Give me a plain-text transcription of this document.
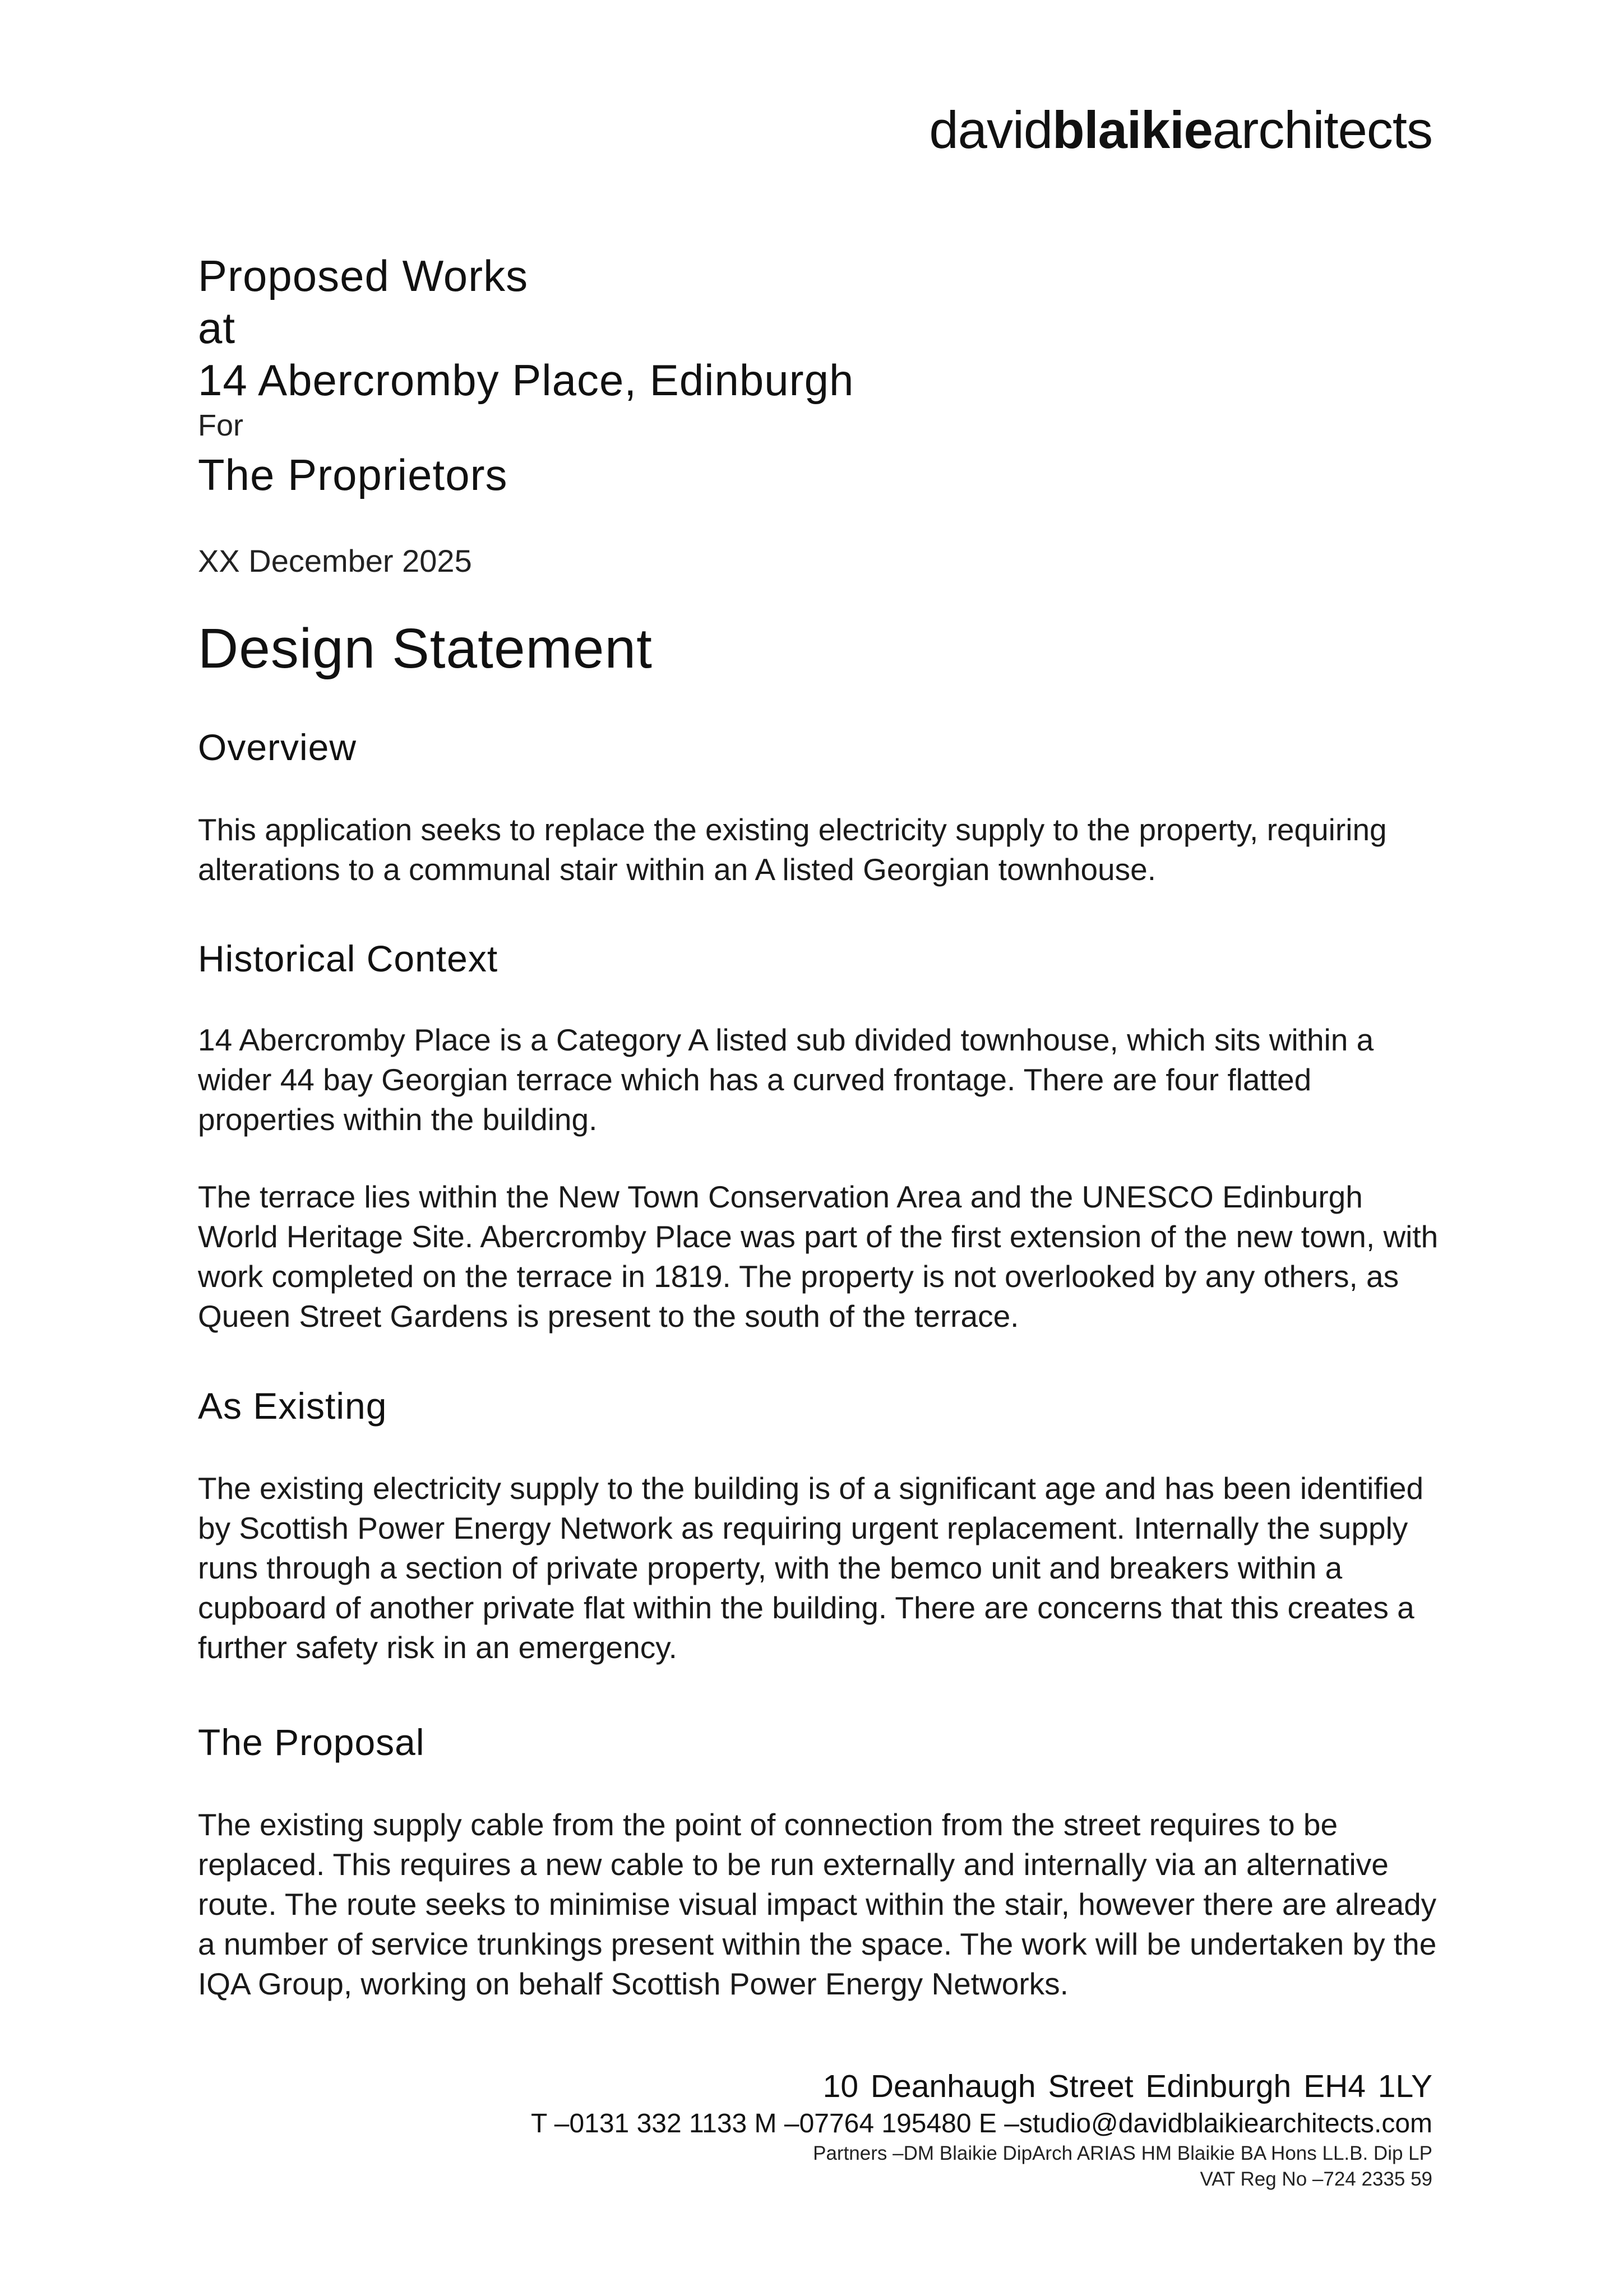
davidblaikiearchitects
Proposed Works
at
14 Abercromby Place, Edinburgh
For
The Proprietors
XX December 2025
Design Statement
Overview

This application seeks to replace the existing electricity supply to the property, requiring alterations to a communal stair within an A listed Georgian townhouse.

Historical Context

14 Abercromby Place is a Category A listed sub divided townhouse, which sits within a wider 44 bay Georgian terrace which has a curved frontage. There are four flatted properties within the building.

The terrace lies within the New Town Conservation Area and the UNESCO Edinburgh World Heritage Site. Abercromby Place was part of the first extension of the new town, with work completed on the terrace in 1819. The property is not overlooked by any others, as Queen Street Gardens is present to the south of the terrace.

As Existing

The existing electricity supply to the building is of a significant age and has been identified by Scottish Power Energy Network as requiring urgent replacement. Internally the supply runs through a section of private property, with the bemco unit and breakers within a cupboard of another private flat within the building. There are concerns that this creates a further safety risk in an emergency.

The Proposal

The existing supply cable from the point of connection from the street requires to be replaced. This requires a new cable to be run externally and internally via an alternative route. The route seeks to minimise visual impact within the stair, however there are already a number of service trunkings present within the space. The work will be undertaken by the IQA Group, working on behalf Scottish Power Energy Networks.

10 Deanhaugh Street Edinburgh EH4 1LY
T –0131 332 1133 M –07764 195480 E –studio@davidblaikiearchitects.com
Partners –DM Blaikie DipArch ARIAS HM Blaikie BA Hons LL.B. Dip LP
VAT Reg No –724 2335 59
